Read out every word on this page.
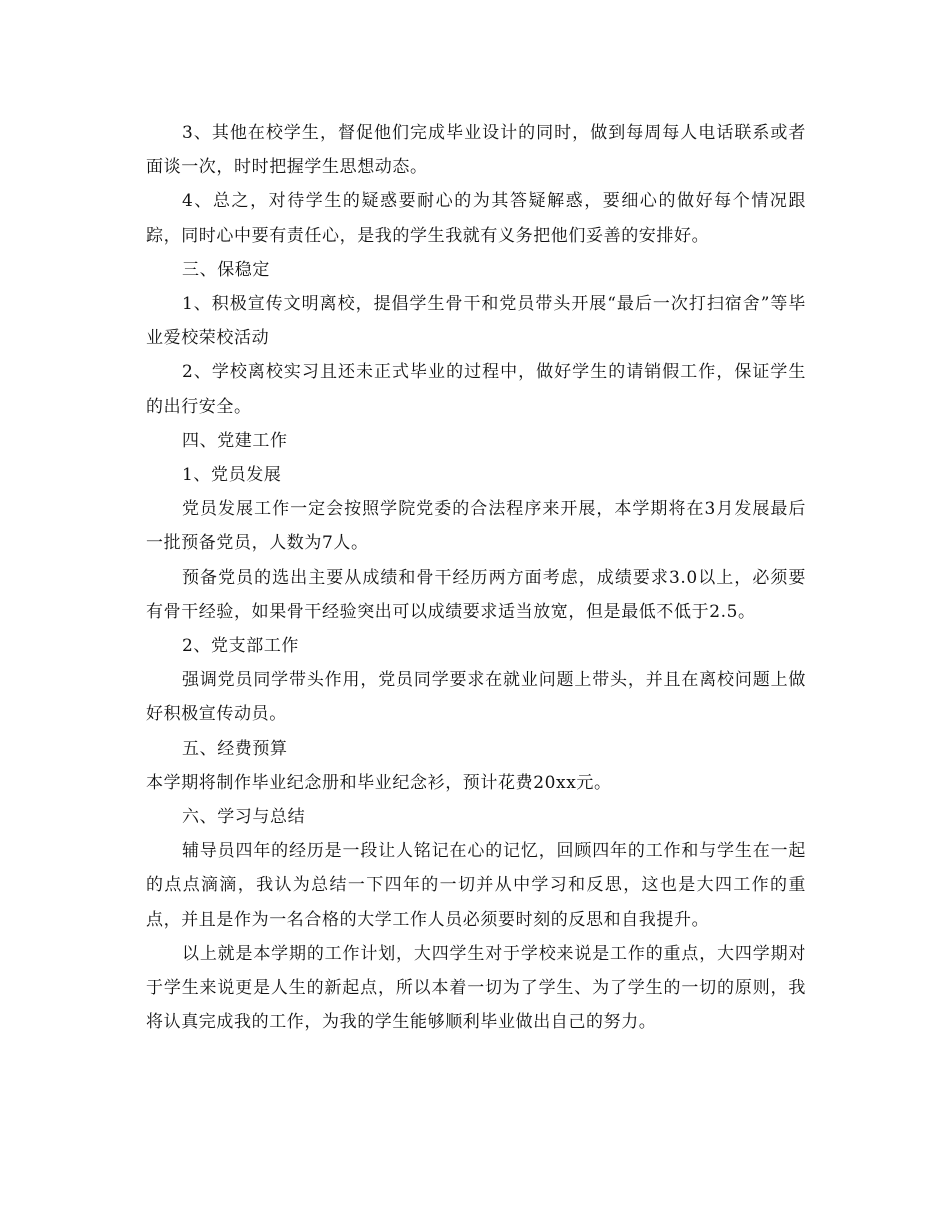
3、其他在校学生，督促他们完成毕业设计的同时，做到每周每人电话联系或者面谈一次，时时把握学生思想动态。

4、总之，对待学生的疑惑要耐心的为其答疑解惑，要细心的做好每个情况跟踪，同时心中要有责任心，是我的学生我就有义务把他们妥善的安排好。

三、保稳定

1、积极宣传文明离校，提倡学生骨干和党员带头开展“最后一次打扫宿舍”等毕业爱校荣校活动

2、学校离校实习且还未正式毕业的过程中，做好学生的请销假工作，保证学生的出行安全。

四、党建工作

1、党员发展

党员发展工作一定会按照学院党委的合法程序来开展，本学期将在3月发展最后一批预备党员，人数为7人。

预备党员的选出主要从成绩和骨干经历两方面考虑，成绩要求3.0以上，必须要有骨干经验，如果骨干经验突出可以成绩要求适当放宽，但是最低不低于2.5。

2、党支部工作

强调党员同学带头作用，党员同学要求在就业问题上带头，并且在离校问题上做好积极宣传动员。

五、经费预算

本学期将制作毕业纪念册和毕业纪念衫，预计花费20xx元。

六、学习与总结

辅导员四年的经历是一段让人铭记在心的记忆，回顾四年的工作和与学生在一起的点点滴滴，我认为总结一下四年的一切并从中学习和反思，这也是大四工作的重点，并且是作为一名合格的大学工作人员必须要时刻的反思和自我提升。

以上就是本学期的工作计划，大四学生对于学校来说是工作的重点，大四学期对于学生来说更是人生的新起点，所以本着一切为了学生、为了学生的一切的原则，我将认真完成我的工作，为我的学生能够顺利毕业做出自己的努力。
